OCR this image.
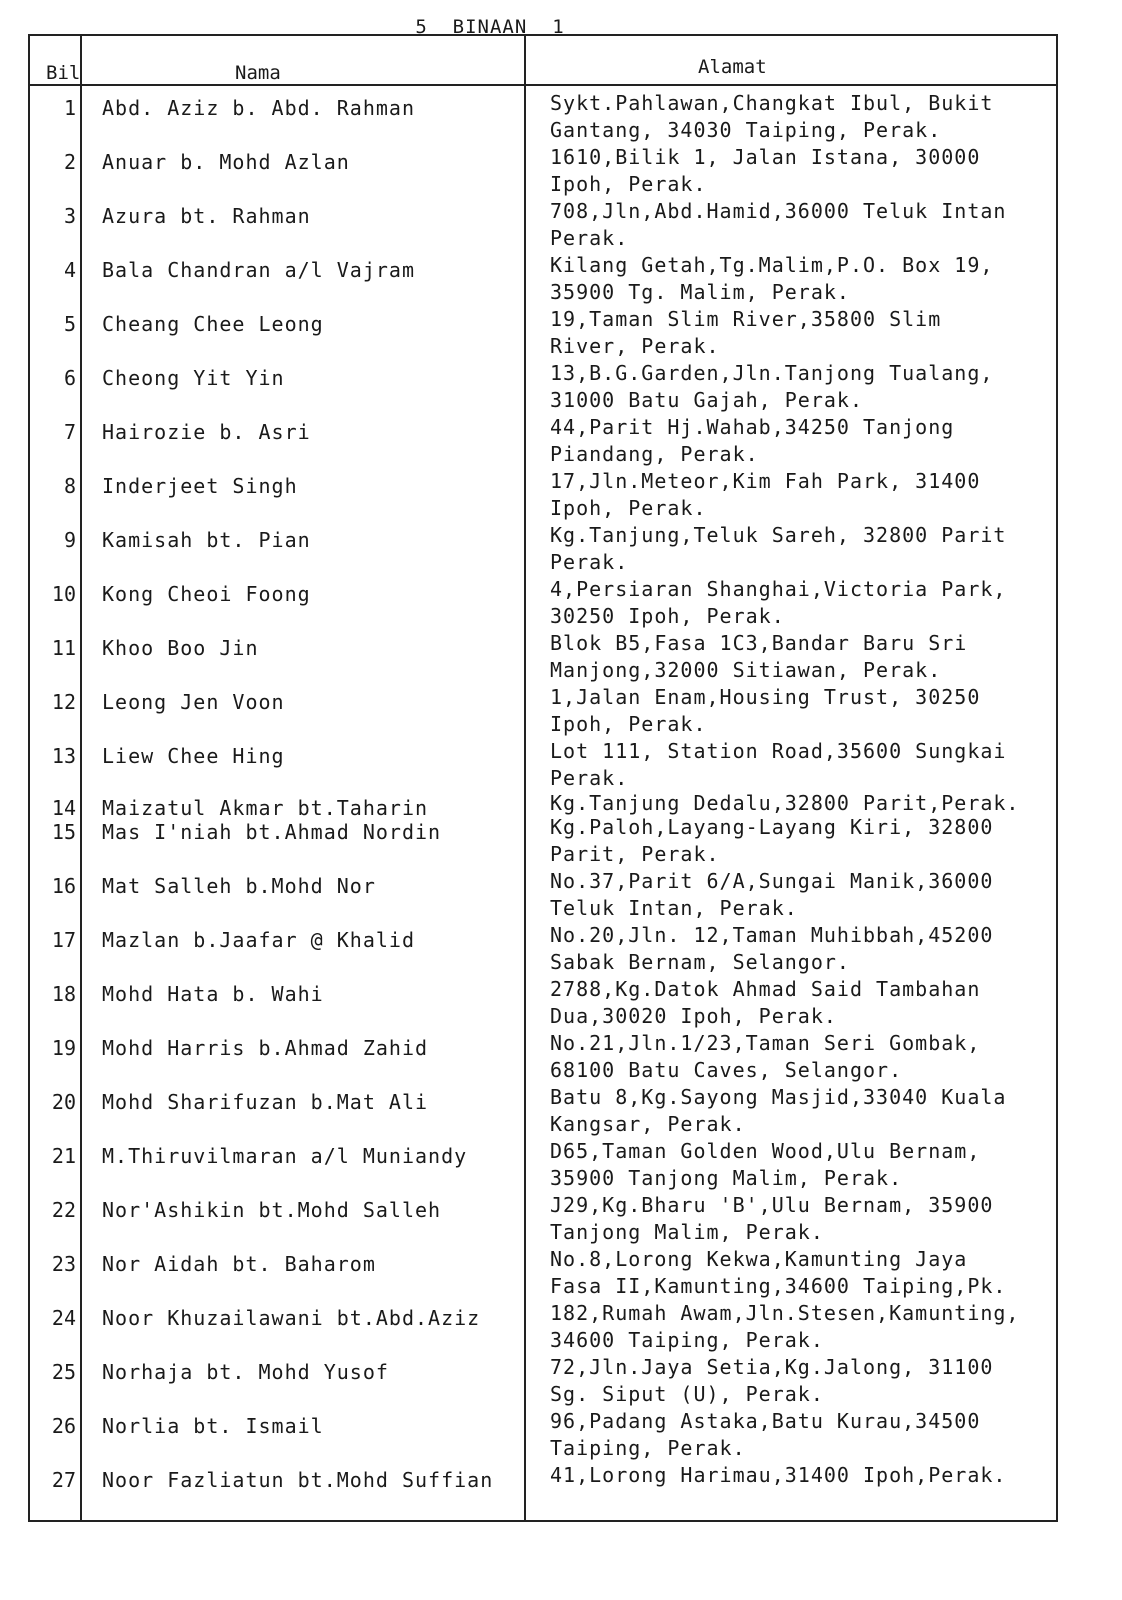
5  BINAAN  1
Bil	Nama	Alamat
1 Abd. Aziz b. Abd. Rahman	Sykt.Pahlawan,Changkat Ibul, Bukit
Gantang, 34030 Taiping, Perak.
2 Anuar b. Mohd Azlan	1610,Bilik 1, Jalan Istana, 30000
Ipoh, Perak.
3 Azura bt. Rahman	708,Jln,Abd.Hamid,36000 Teluk Intan
Perak.
4 Bala Chandran a/l Vajram	Kilang Getah,Tg.Malim,P.O. Box 19,
35900 Tg. Malim, Perak.
5 Cheang Chee Leong	19,Taman Slim River,35800 Slim
River, Perak.
6 Cheong Yit Yin	13,B.G.Garden,Jln.Tanjong Tualang,
31000 Batu Gajah, Perak.
7 Hairozie b. Asri	44,Parit Hj.Wahab,34250 Tanjong
Piandang, Perak.
8 Inderjeet Singh	17,Jln.Meteor,Kim Fah Park, 31400
Ipoh, Perak.
9 Kamisah bt. Pian	Kg.Tanjung,Teluk Sareh, 32800 Parit
Perak.
10 Kong Cheoi Foong	4,Persiaran Shanghai,Victoria Park,
30250 Ipoh, Perak.
11 Khoo Boo Jin	Blok B5,Fasa 1C3,Bandar Baru Sri
Manjong,32000 Sitiawan, Perak.
12 Leong Jen Voon	1,Jalan Enam,Housing Trust, 30250
Ipoh, Perak.
13 Liew Chee Hing	Lot 111, Station Road,35600 Sungkai
Perak.
14 Maizatul Akmar bt.Taharin	Kg.Tanjung Dedalu,32800 Parit,Perak.
15 Mas I'niah bt.Ahmad Nordin	Kg.Paloh,Layang-Layang Kiri, 32800
Parit, Perak.
16 Mat Salleh b.Mohd Nor	No.37,Parit 6/A,Sungai Manik,36000
Teluk Intan, Perak.
17 Mazlan b.Jaafar @ Khalid	No.20,Jln. 12,Taman Muhibbah,45200
Sabak Bernam, Selangor.
18 Mohd Hata b. Wahi	2788,Kg.Datok Ahmad Said Tambahan
Dua,30020 Ipoh, Perak.
19 Mohd Harris b.Ahmad Zahid	No.21,Jln.1/23,Taman Seri Gombak,
68100 Batu Caves, Selangor.
20 Mohd Sharifuzan b.Mat Ali	Batu 8,Kg.Sayong Masjid,33040 Kuala
Kangsar, Perak.
21 M.Thiruvilmaran a/l Muniandy	D65,Taman Golden Wood,Ulu Bernam,
35900 Tanjong Malim, Perak.
22 Nor'Ashikin bt.Mohd Salleh	J29,Kg.Bharu 'B',Ulu Bernam, 35900
Tanjong Malim, Perak.
23 Nor Aidah bt. Baharom	No.8,Lorong Kekwa,Kamunting Jaya
Fasa II,Kamunting,34600 Taiping,Pk.
24 Noor Khuzailawani bt.Abd.Aziz	182,Rumah Awam,Jln.Stesen,Kamunting,
34600 Taiping, Perak.
25 Norhaja bt. Mohd Yusof	72,Jln.Jaya Setia,Kg.Jalong, 31100
Sg. Siput (U), Perak.
26 Norlia bt. Ismail	96,Padang Astaka,Batu Kurau,34500
Taiping, Perak.
27 Noor Fazliatun bt.Mohd Suffian	41,Lorong Harimau,31400 Ipoh,Perak.
